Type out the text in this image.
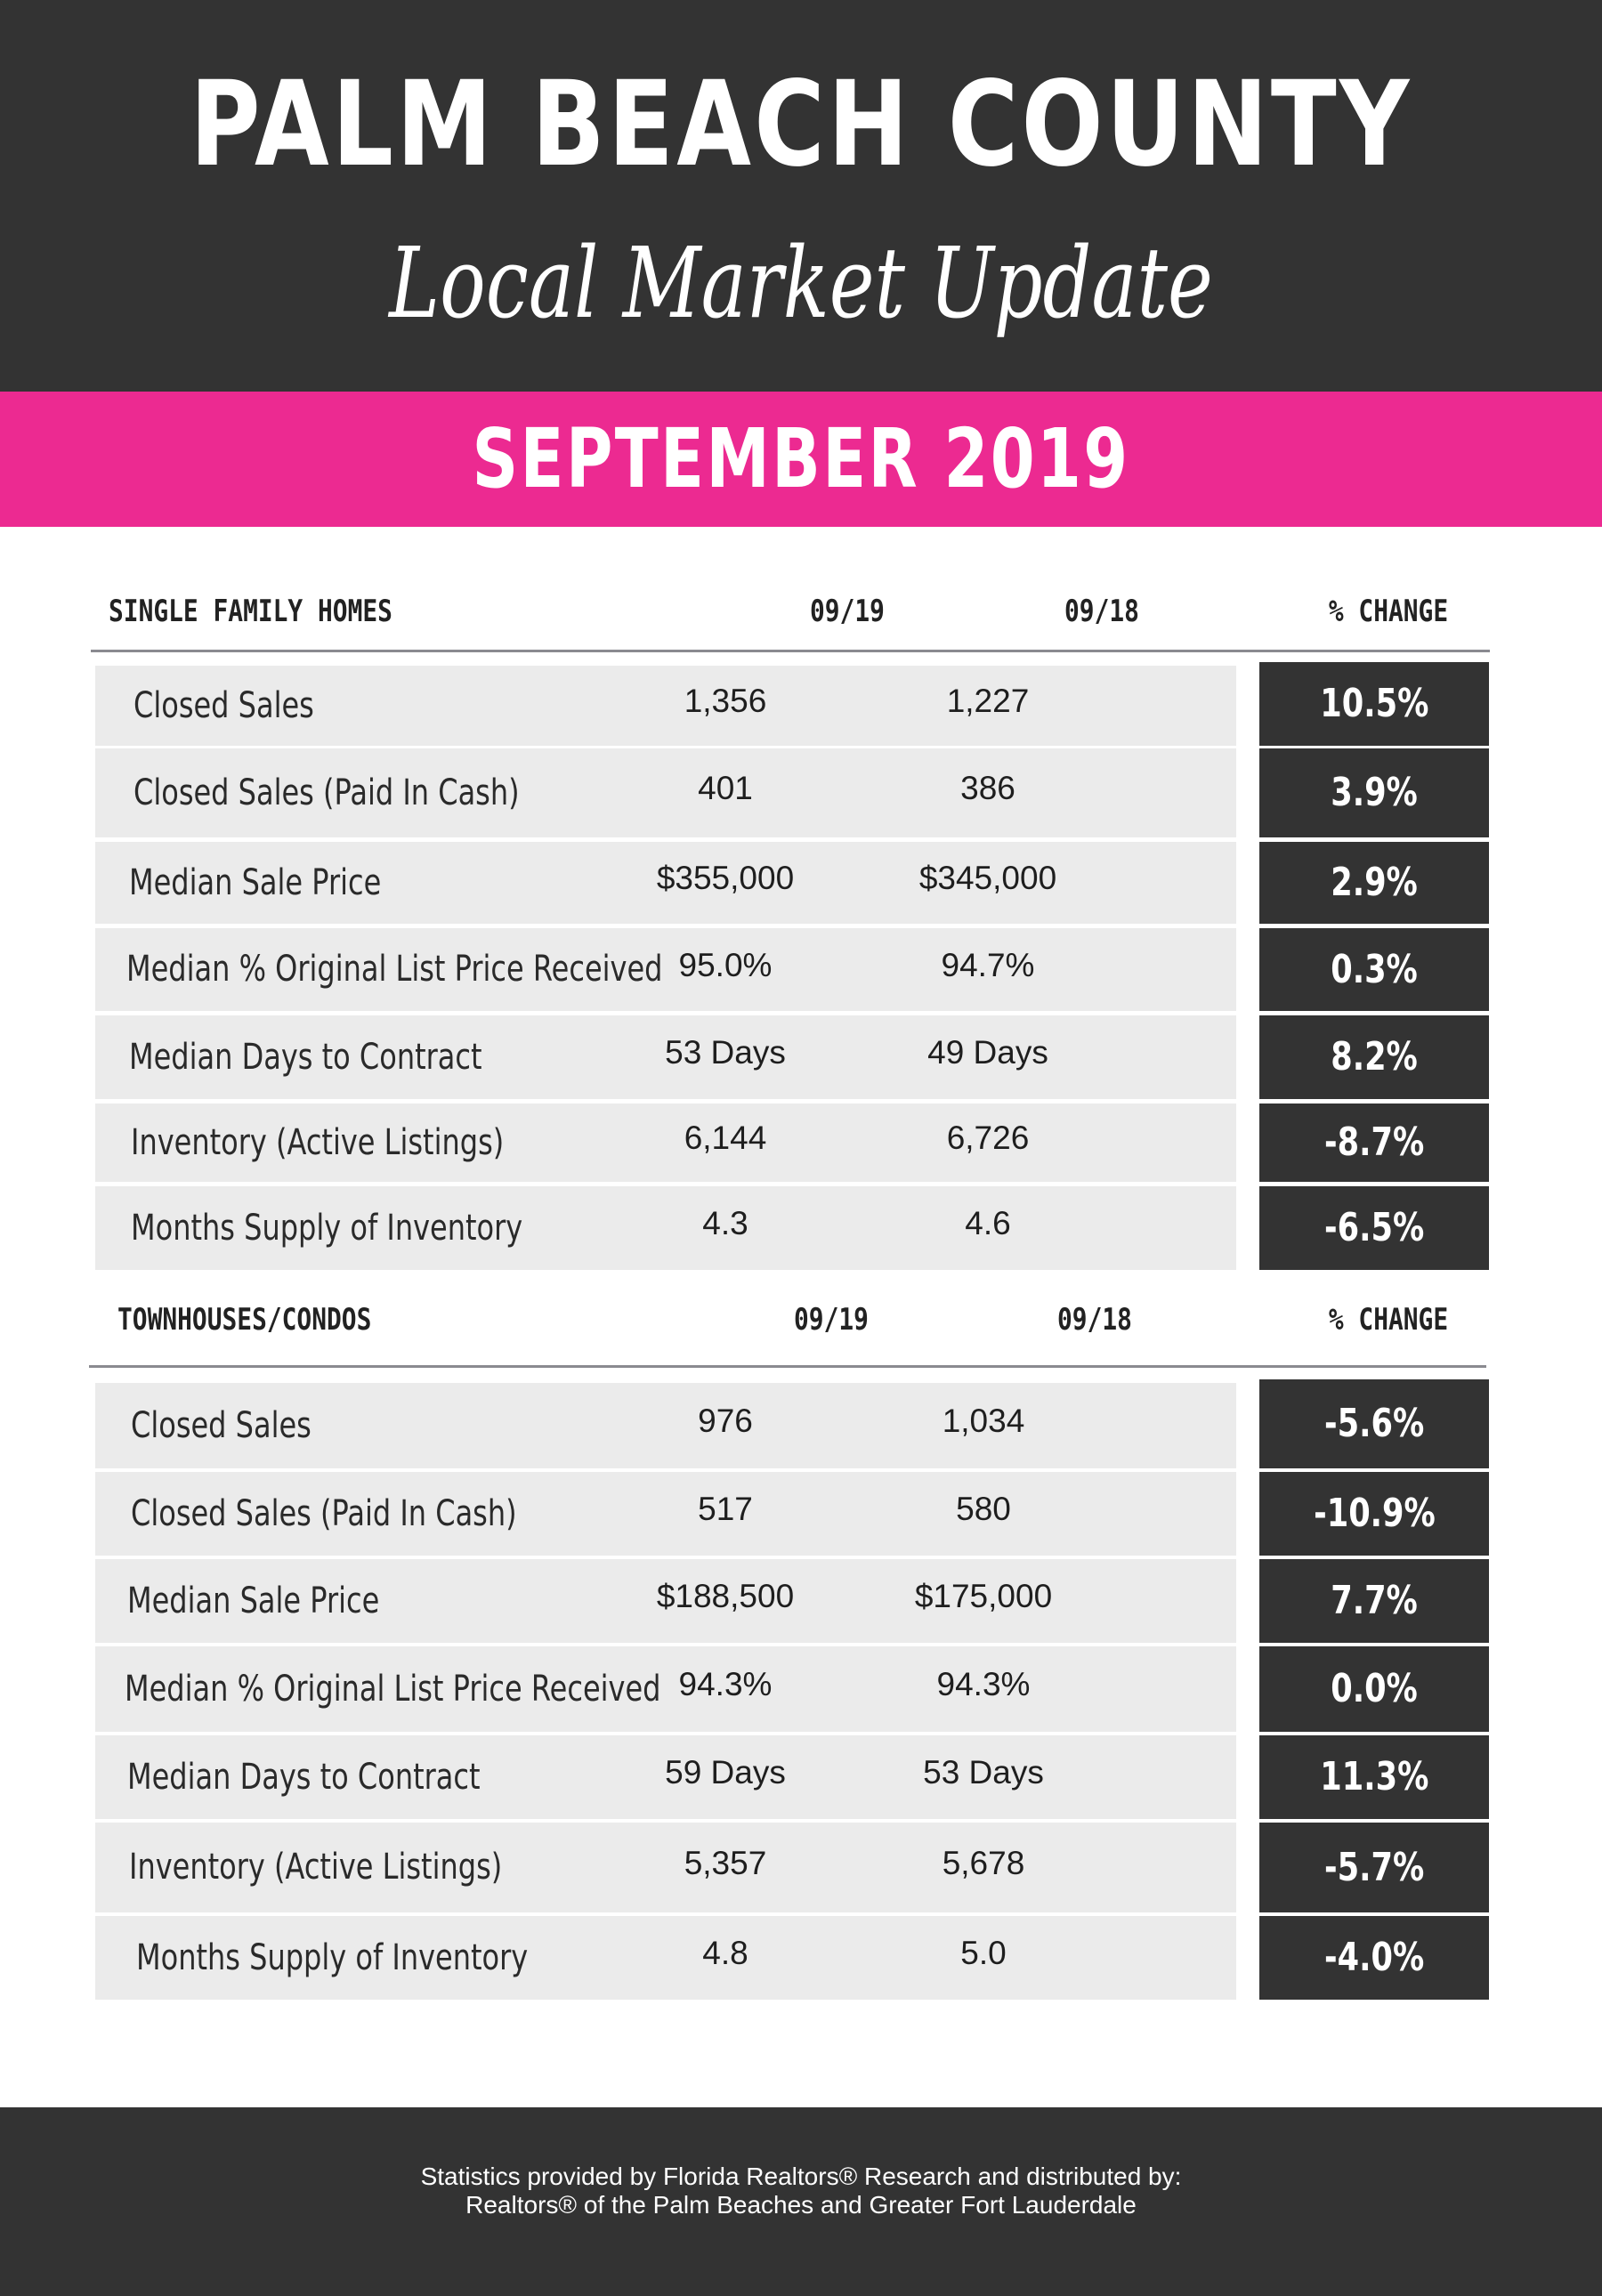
PALM BEACH COUNTY
Local Market Update
SEPTEMBER 2019
SINGLE FAMILY HOMES	09/19	09/18	% CHANGE
Closed Sales	1,356	1,227	10.5%
Closed Sales (Paid In Cash)	401	386	3.9%
Median Sale Price	$355,000	$345,000	2.9%
Median % Original List Price Received 95.0%	94.7%	0.3%
Median Days to Contract	53 Days	49 Days	8.2%
Inventory (Active Listings)	6,144	6,726	-8.7%
Months Supply of Inventory	4.3	4.6	-6.5%
TOWNHOUSES/CONDOS	09/19	09/18	% CHANGE
Closed Sales	976	1,034	-5.6%
Closed Sales (Paid In Cash)	517	580	-10.9%
Median Sale Price	$188,500	$175,000	7.7%
Median % Original List Price Received 94.3%	94.3%	0.0%
Median Days to Contract	59 Days	53 Days	11.3%
Inventory (Active Listings)	5,357	5,678	-5.7%
Months Supply of Inventory	4.8	5.0	-4.0%
Statistics provided by Florida Realtors® Research and distributed by:
Realtors® of the Palm Beaches and Greater Fort Lauderdale
